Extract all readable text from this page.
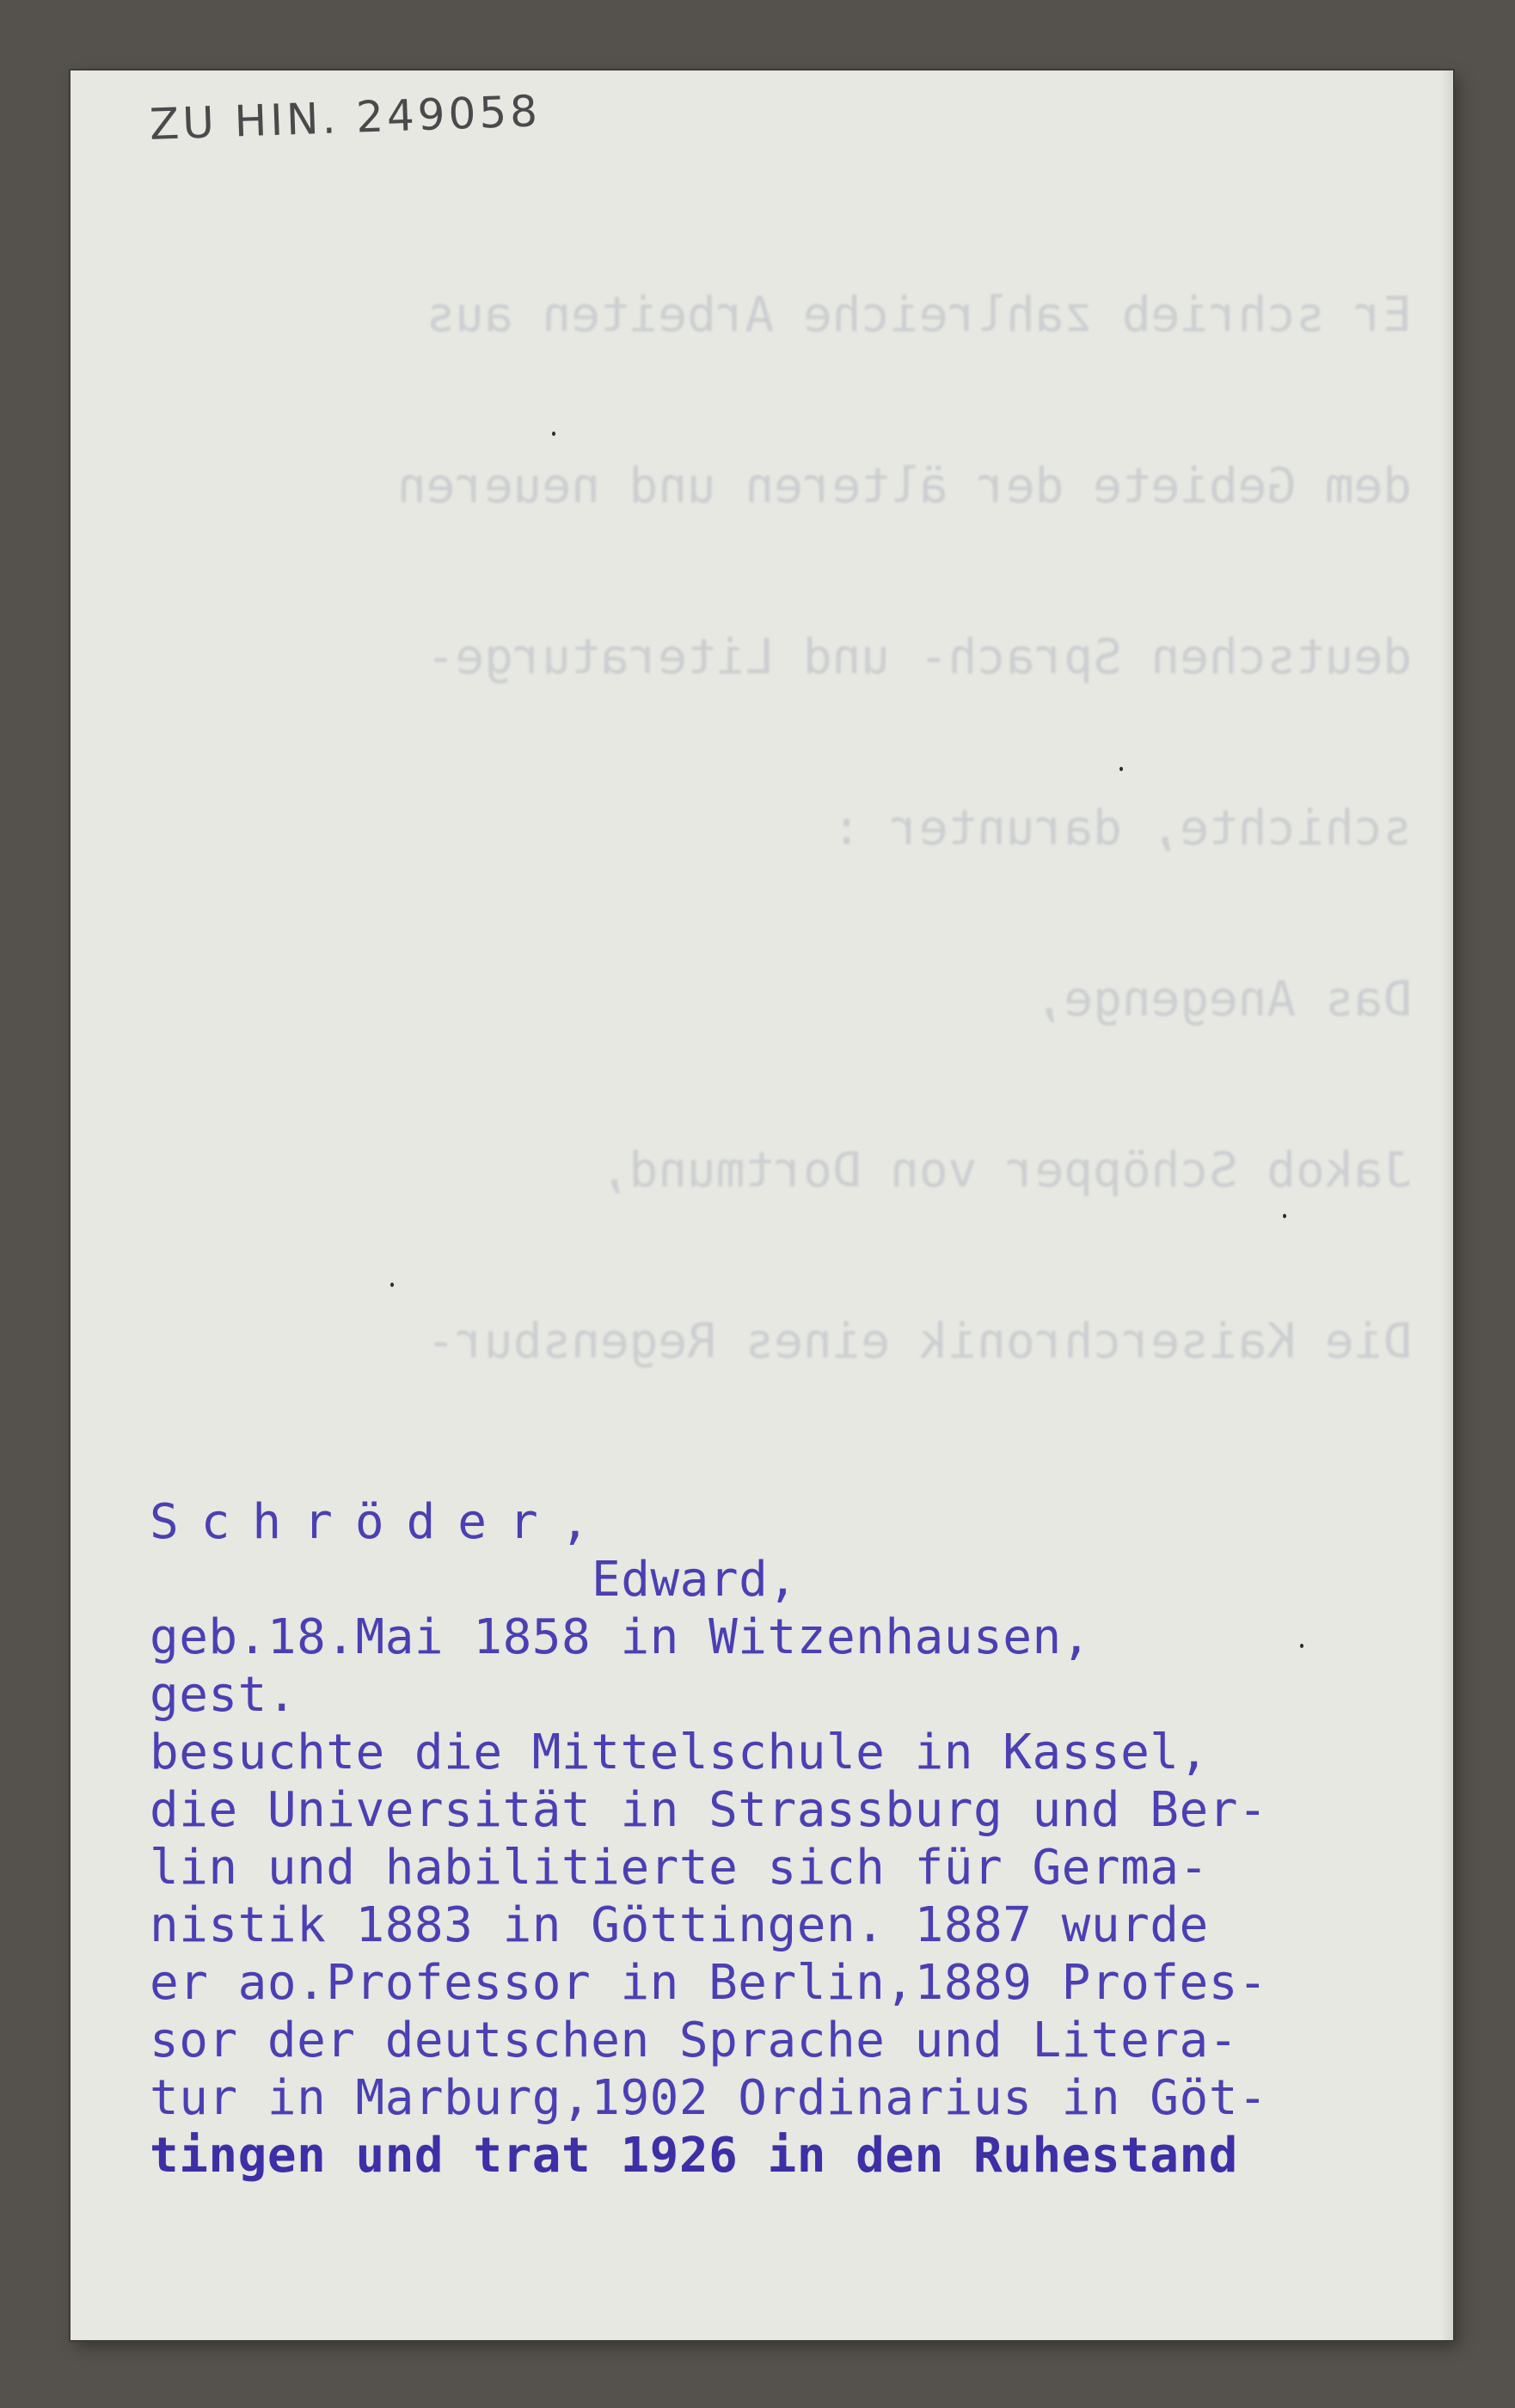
ZU HIN. 249058

Er schrieb zahlreiche Arbeiten aus

dem Gebiete der älteren und neueren

deutschen Sprach- und Literaturge-

schichte, darunter :

Das Anegenge,

Jakob Schöpper von Dortmund,

Die Kaiserchronik eines Regensbur-

Schröder,
Edward,
geb.18.Mai 1858 in Witzenhausen,
gest.
besuchte die Mittelschule in Kassel,
die Universität in Strassburg und Ber-
lin und habilitierte sich für Germa-
nistik 1883 in Göttingen. 1887 wurde
er ao.Professor in Berlin,1889 Profes-
sor der deutschen Sprache und Litera-
tur in Marburg,1902 Ordinarius in Göt-
tingen und trat 1926 in den Ruhestand
